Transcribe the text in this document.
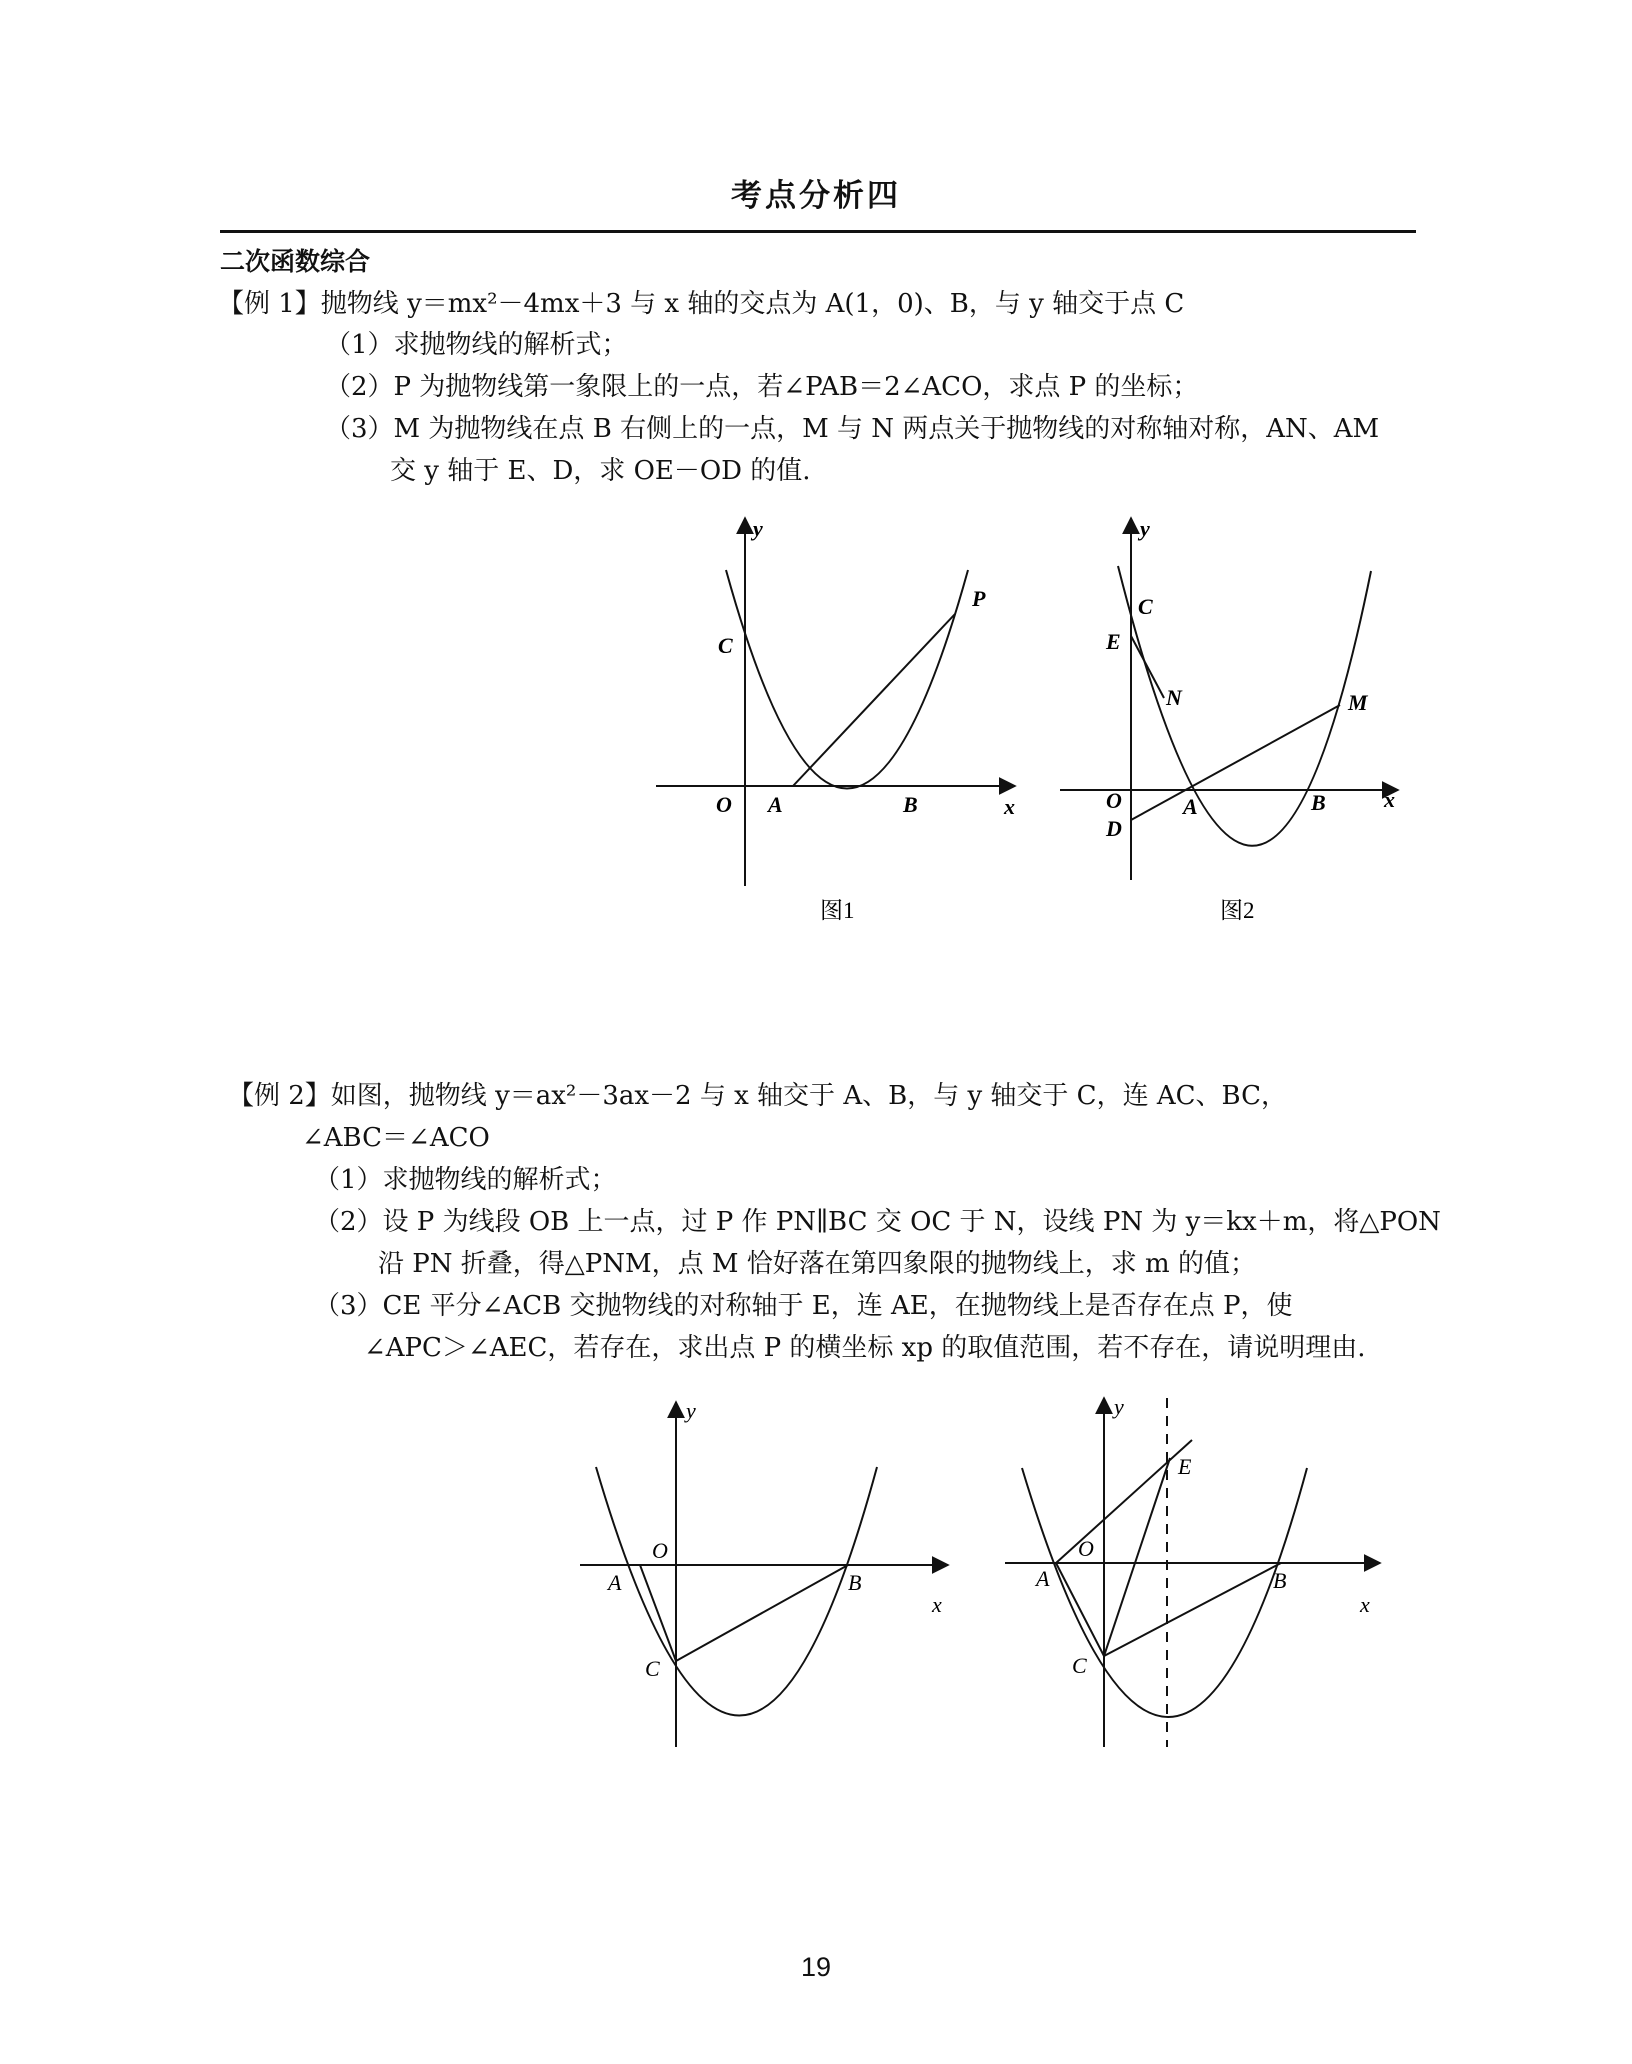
考点分析四
二次函数综合
【例 1】抛物线 y＝mx²－4mx＋3 与 x 轴的交点为 A(1，0)、B，与 y 轴交于点 C
（1）求抛物线的解析式；
（2）P 为抛物线第一象限上的一点，若∠PAB＝2∠ACO，求点 P 的坐标；
（3）M 为抛物线在点 B 右侧上的一点，M 与 N 两点关于抛物线的对称轴对称，AN、AM
交 y 轴于 E、D，求 OE－OD 的值.
y
x
O A	B
C
P
图1
y
x
O
D
A	B
C
E
N	M
图2
【例 2】如图，抛物线 y＝ax²－3ax－2 与 x 轴交于 A、B，与 y 轴交于 C，连 AC、BC，
∠ABC＝∠ACO
（1）求抛物线的解析式；
（2）设 P 为线段 OB 上一点，过 P 作 PN∥BC 交 OC 于 N，设线 PN 为 y＝kx＋m，将△PON
沿 PN 折叠，得△PNM，点 M 恰好落在第四象限的抛物线上，求 m 的值；
（3）CE 平分∠ACB 交抛物线的对称轴于 E，连 AE，在抛物线上是否存在点 P，使
∠APC＞∠AEC，若存在，求出点 P 的横坐标 xp 的取值范围，若不存在，请说明理由.
y
x
O
A	B
C
y
x
O
A	B
C
E
19
